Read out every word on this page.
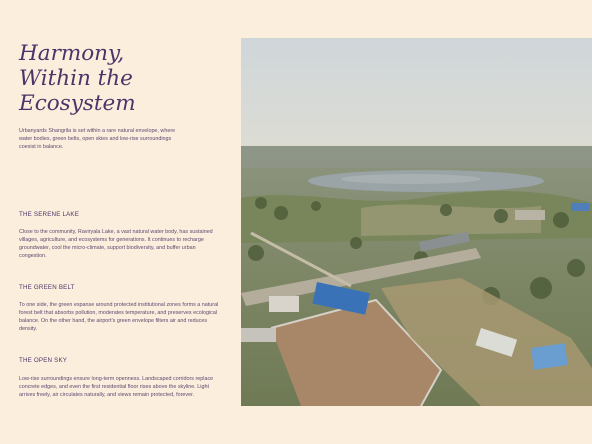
Harmony,
Within the
Ecosystem

Urbanyards Shangrila is set within a rare natural envelope, where water bodies, green belts, open skies and low-rise surroundings coexist in balance.

THE SERENE LAKE

Close to the community, Raviryala Lake, a vast natural water body, has sustained villages, agriculture, and ecosystems for generations. It continues to recharge groundwater, cool the micro-climate, support biodiversity, and buffer urban congestion.

THE GREEN BELT

To one side, the green expanse around protected institutional zones forms a natural forest belt that absorbs pollution, moderates temperature, and preserves ecological balance. On the other hand, the airport's green envelope filters air and reduces density.

THE OPEN SKY

Low-rise surroundings ensure long-term openness. Landscaped corridors replace concrete edges, and even the first residential floor rises above the skyline. Light arrives freely, air circulates naturally, and views remain protected, forever.
